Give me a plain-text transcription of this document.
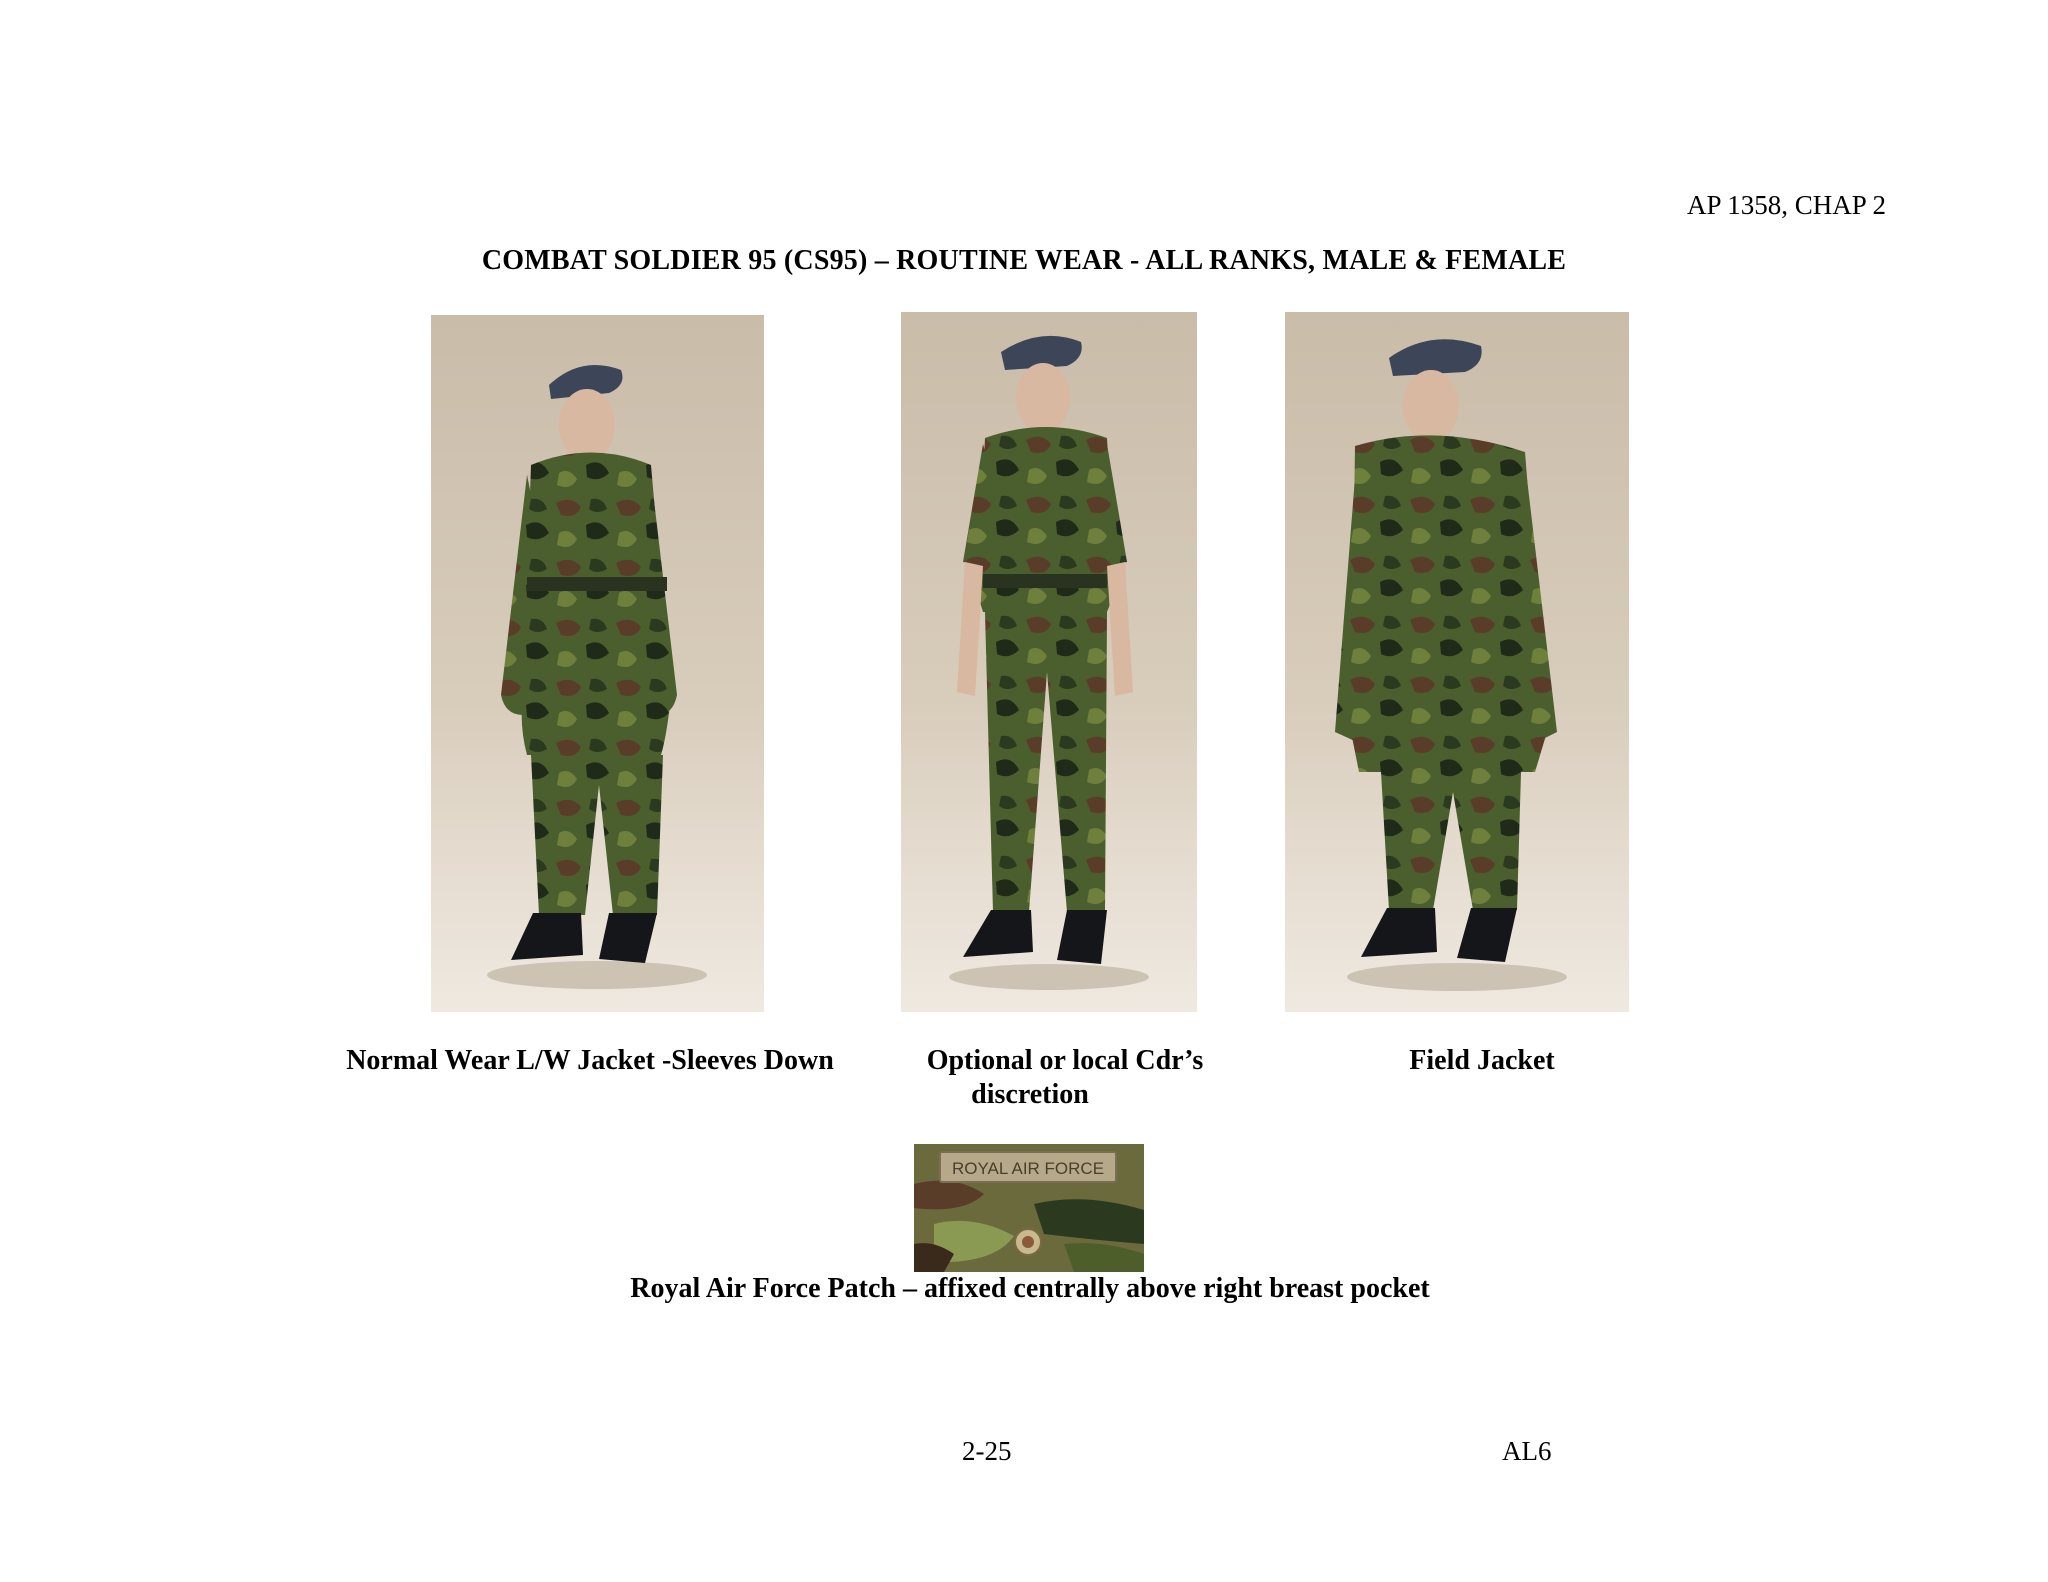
AP 1358, CHAP 2
COMBAT SOLDIER 95 (CS95) – ROUTINE WEAR - ALL RANKS, MALE & FEMALE
Normal Wear L/W Jacket -Sleeves Down	Optional or local Cdr’s
discretion
Field Jacket
ROYAL AIR FORCE
Royal Air Force Patch – affixed centrally above right breast pocket
2-25	AL6
